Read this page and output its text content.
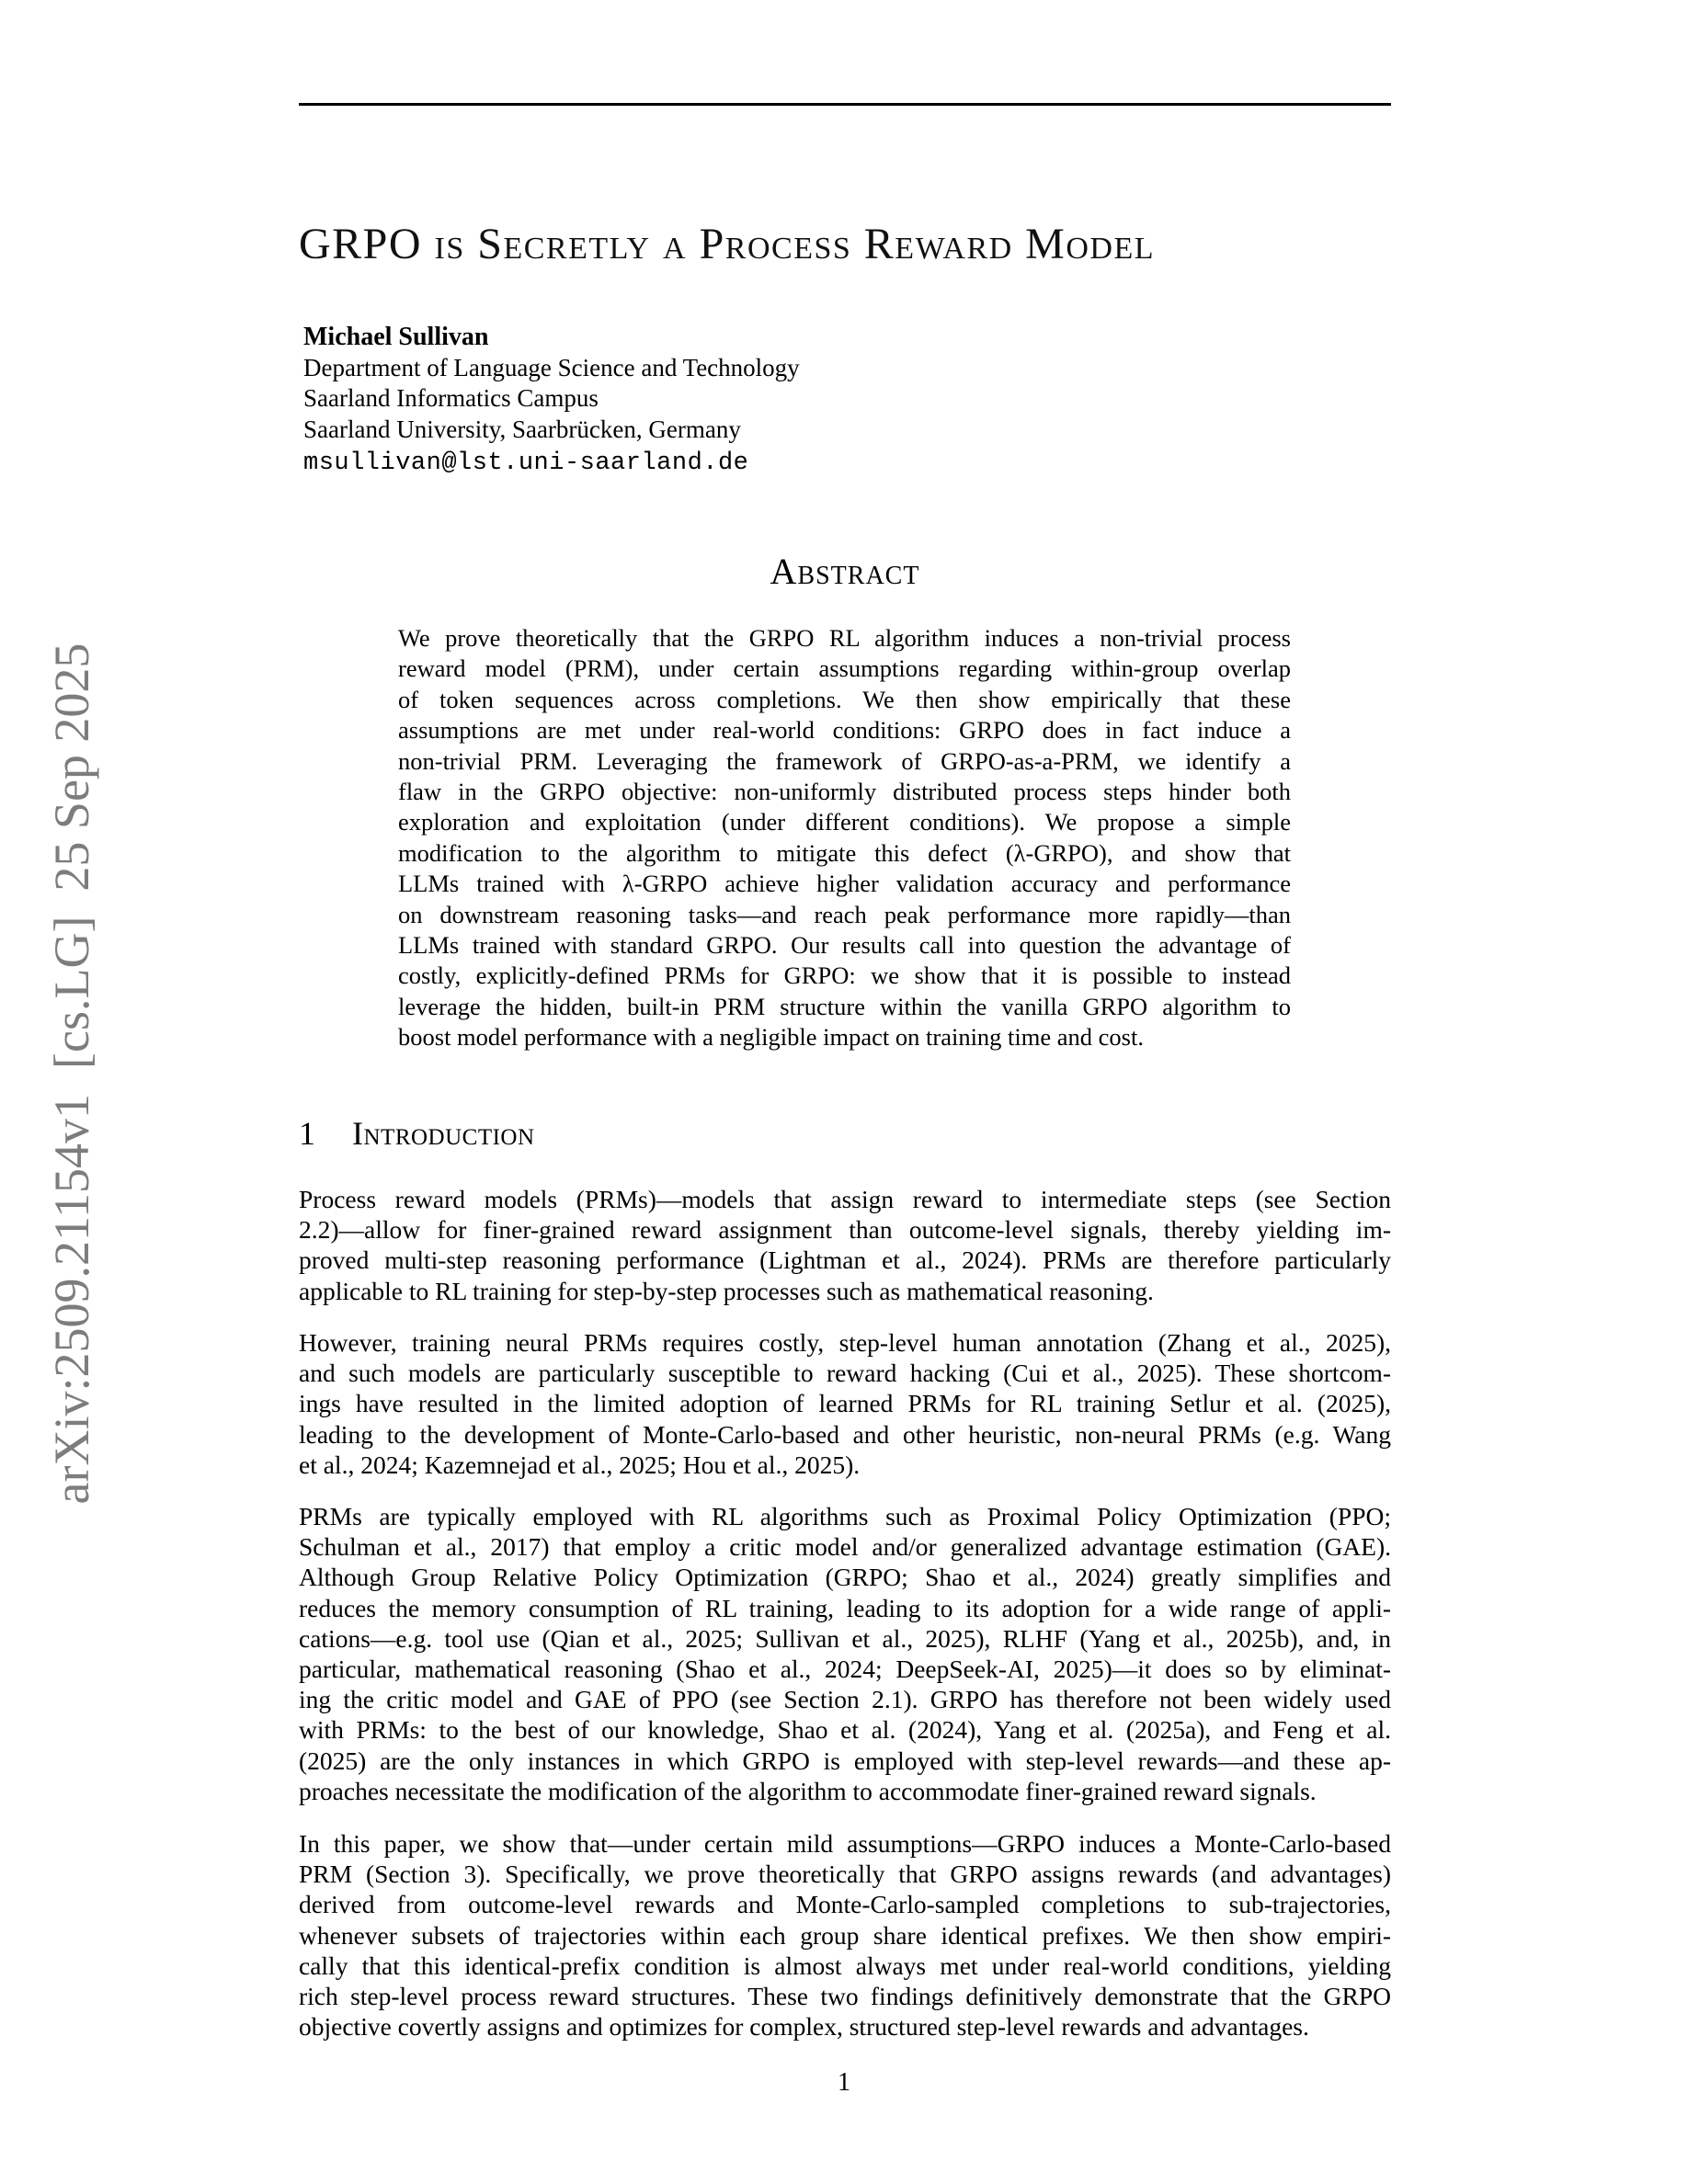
arXiv:2509.21154v1  [cs.LG]  25 Sep 2025
GRPO is Secretly a Process Reward Model
Michael Sullivan
Department of Language Science and Technology
Saarland Informatics Campus
Saarland University, Saarbrücken, Germany
msullivan@lst.uni-saarland.de
Abstract
We prove theoretically that the GRPO RL algorithm induces a non-trivial process
reward model (PRM), under certain assumptions regarding within-group overlap
of token sequences across completions. We then show empirically that these
assumptions are met under real-world conditions: GRPO does in fact induce a
non-trivial PRM. Leveraging the framework of GRPO-as-a-PRM, we identify a
flaw in the GRPO objective: non-uniformly distributed process steps hinder both
exploration and exploitation (under different conditions). We propose a simple
modification to the algorithm to mitigate this defect (λ-GRPO), and show that
LLMs trained with λ-GRPO achieve higher validation accuracy and performance
on downstream reasoning tasks—and reach peak performance more rapidly—than
LLMs trained with standard GRPO. Our results call into question the advantage of
costly, explicitly-defined PRMs for GRPO: we show that it is possible to instead
leverage the hidden, built-in PRM structure within the vanilla GRPO algorithm to
boost model performance with a negligible impact on training time and cost.
1 Introduction
Process reward models (PRMs)—models that assign reward to intermediate steps (see Section
2.2)—allow for finer-grained reward assignment than outcome-level signals, thereby yielding im-
proved multi-step reasoning performance (Lightman et al., 2024). PRMs are therefore particularly
applicable to RL training for step-by-step processes such as mathematical reasoning.
However, training neural PRMs requires costly, step-level human annotation (Zhang et al., 2025),
and such models are particularly susceptible to reward hacking (Cui et al., 2025). These shortcom-
ings have resulted in the limited adoption of learned PRMs for RL training Setlur et al. (2025),
leading to the development of Monte-Carlo-based and other heuristic, non-neural PRMs (e.g. Wang
et al., 2024; Kazemnejad et al., 2025; Hou et al., 2025).
PRMs are typically employed with RL algorithms such as Proximal Policy Optimization (PPO;
Schulman et al., 2017) that employ a critic model and/or generalized advantage estimation (GAE).
Although Group Relative Policy Optimization (GRPO; Shao et al., 2024) greatly simplifies and
reduces the memory consumption of RL training, leading to its adoption for a wide range of appli-
cations—e.g. tool use (Qian et al., 2025; Sullivan et al., 2025), RLHF (Yang et al., 2025b), and, in
particular, mathematical reasoning (Shao et al., 2024; DeepSeek-AI, 2025)—it does so by eliminat-
ing the critic model and GAE of PPO (see Section 2.1). GRPO has therefore not been widely used
with PRMs: to the best of our knowledge, Shao et al. (2024), Yang et al. (2025a), and Feng et al.
(2025) are the only instances in which GRPO is employed with step-level rewards—and these ap-
proaches necessitate the modification of the algorithm to accommodate finer-grained reward signals.
In this paper, we show that—under certain mild assumptions—GRPO induces a Monte-Carlo-based
PRM (Section 3). Specifically, we prove theoretically that GRPO assigns rewards (and advantages)
derived from outcome-level rewards and Monte-Carlo-sampled completions to sub-trajectories,
whenever subsets of trajectories within each group share identical prefixes. We then show empiri-
cally that this identical-prefix condition is almost always met under real-world conditions, yielding
rich step-level process reward structures. These two findings definitively demonstrate that the GRPO
objective covertly assigns and optimizes for complex, structured step-level rewards and advantages.
1
